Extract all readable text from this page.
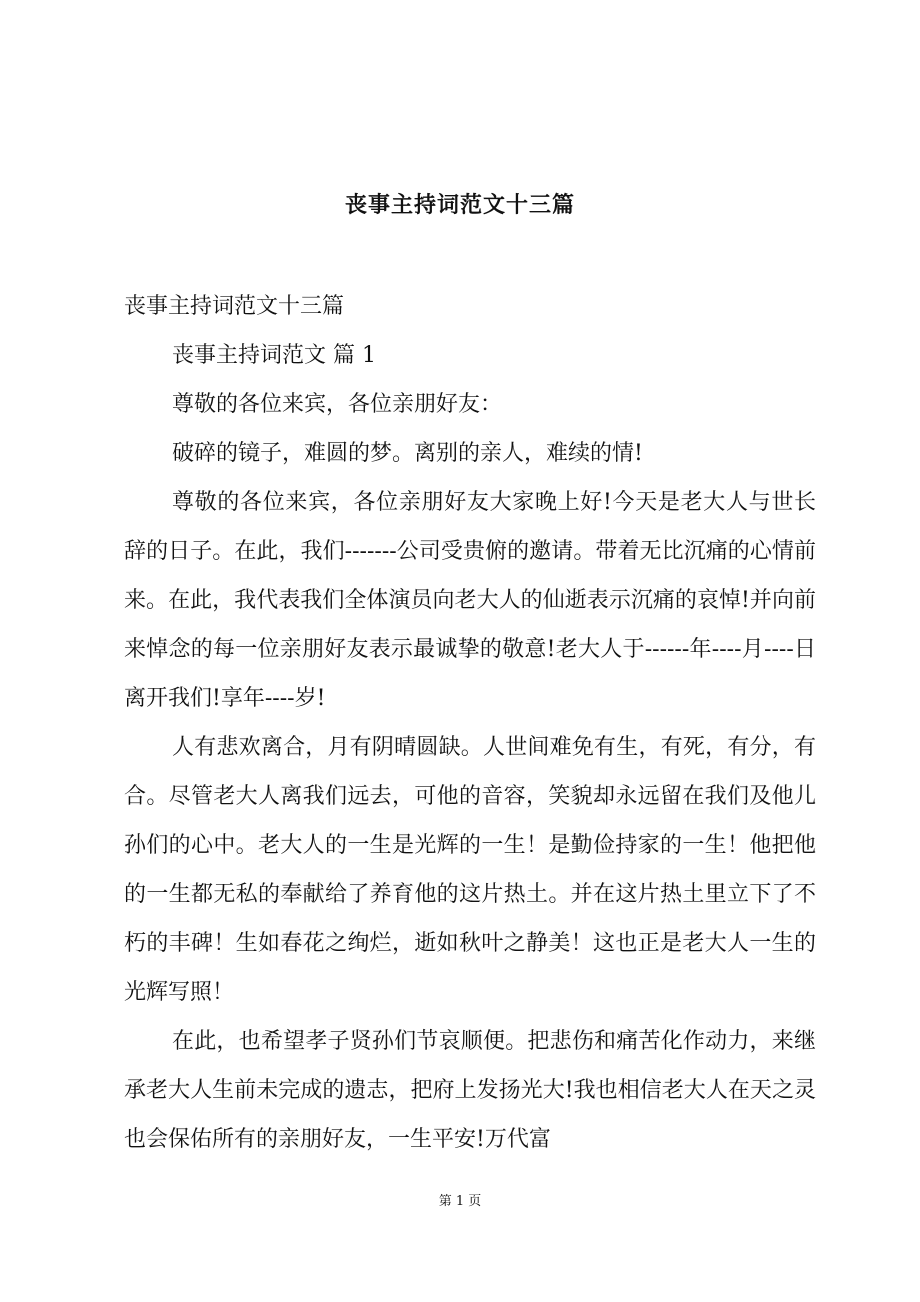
丧事主持词范文十三篇

丧事主持词范文十三篇

丧事主持词范文 篇 1

尊敬的各位来宾，各位亲朋好友：

破碎的镜子，难圆的梦。离别的亲人，难续的情!

尊敬的各位来宾，各位亲朋好友大家晚上好!今天是老大人与世长辞的日子。在此，我们-------公司受贵俯的邀请。带着无比沉痛的心情前来。在此，我代表我们全体演员向老大人的仙逝表示沉痛的哀悼!并向前来悼念的每一位亲朋好友表示最诚挚的敬意!老大人于------年----月----日离开我们!享年----岁!

人有悲欢离合，月有阴晴圆缺。人世间难免有生，有死，有分，有合。尽管老大人离我们远去，可他的音容，笑貌却永远留在我们及他儿孙们的心中。老大人的一生是光辉的一生！是勤俭持家的一生！他把他的一生都无私的奉献给了养育他的这片热土。并在这片热土里立下了不朽的丰碑！生如春花之绚烂，逝如秋叶之静美！这也正是老大人一生的光辉写照！

在此，也希望孝子贤孙们节哀顺便。把悲伤和痛苦化作动力，来继承老大人生前未完成的遗志，把府上发扬光大!我也相信老大人在天之灵也会保佑所有的亲朋好友，一生平安!万代富

第 1 页
